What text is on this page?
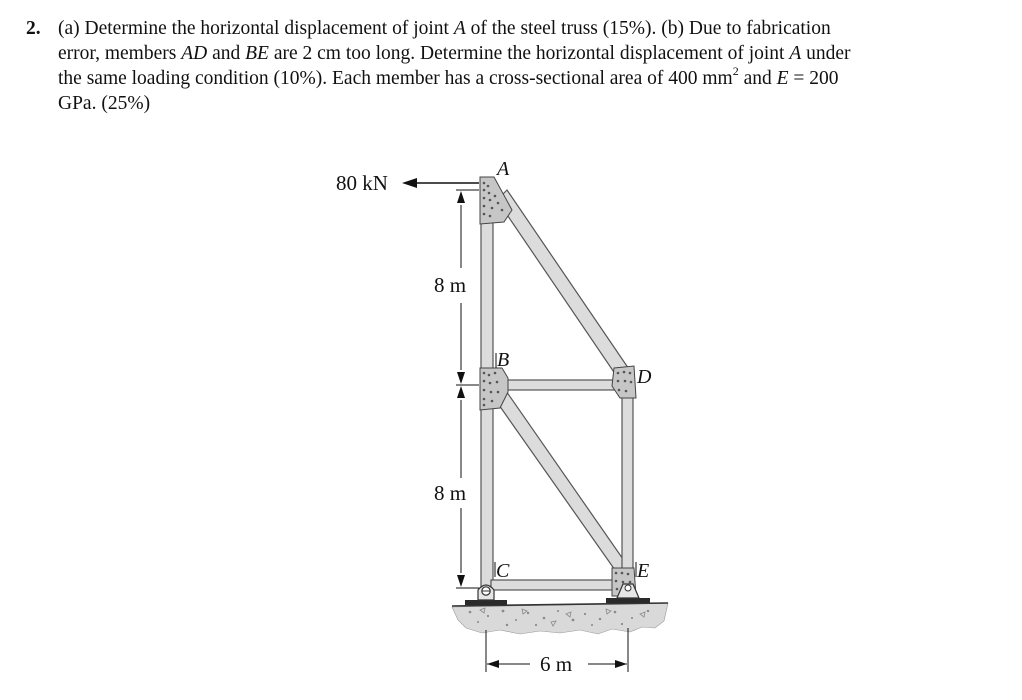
2. (a) Determine the horizontal displacement of joint A of the steel truss (15%). (b) Due to fabrication
error, members AD and BE are 2 cm too long. Determine the horizontal displacement of joint A under
the same loading condition (10%). Each member has a cross-sectional area of 400 $mm^2$ and E = 200
GPa. (25%)
80 kN
8 m
8 m
6 m
A
B
C
D
E
